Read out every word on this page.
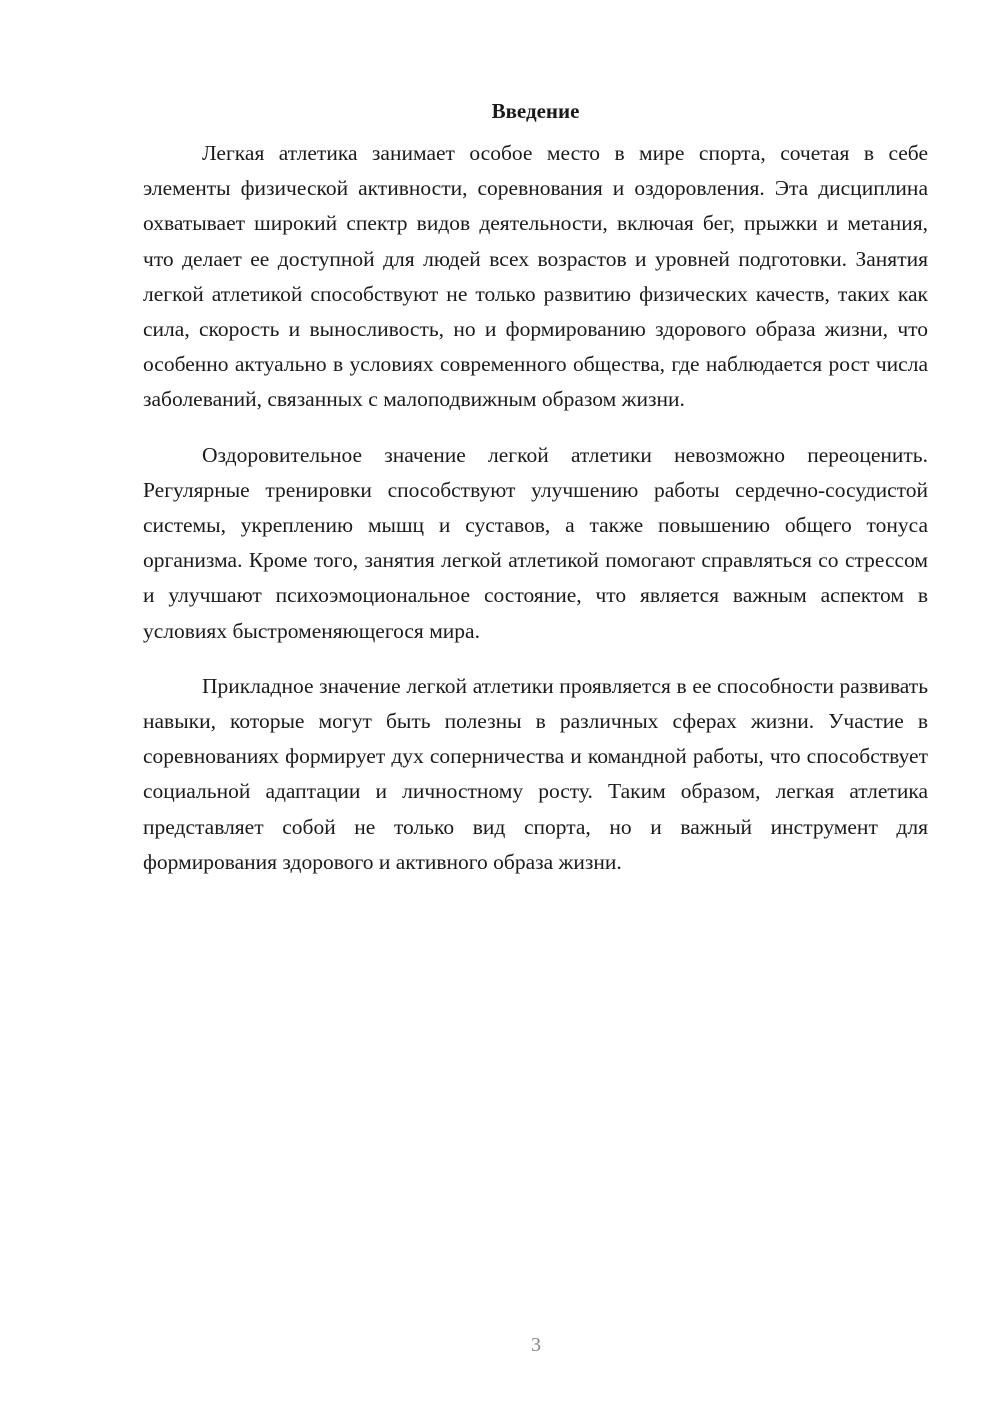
Введение

Легкая атлетика занимает особое место в мире спорта, сочетая в себе элементы физической активности, соревнования и оздоровления. Эта дисциплина охватывает широкий спектр видов деятельности, включая бег, прыжки и метания, что делает ее доступной для людей всех возрастов и уровней подготовки. Занятия легкой атлетикой способствуют не только развитию физических качеств, таких как сила, скорость и выносливость, но и формированию здорового образа жизни, что особенно актуально в условиях современного общества, где наблюдается рост числа заболеваний, связанных с малоподвижным образом жизни.

Оздоровительное значение легкой атлетики невозможно переоценить. Регулярные тренировки способствуют улучшению работы сердечно-сосудистой системы, укреплению мышц и суставов, а также повышению общего тонуса организма. Кроме того, занятия легкой атлетикой помогают справляться со стрессом и улучшают психоэмоциональное состояние, что является важным аспектом в условиях быстроменяющегося мира.

Прикладное значение легкой атлетики проявляется в ее способности развивать навыки, которые могут быть полезны в различных сферах жизни. Участие в соревнованиях формирует дух соперничества и командной работы, что способствует социальной адаптации и личностному росту. Таким образом, легкая атлетика представляет собой не только вид спорта, но и важный инструмент для формирования здорового и активного образа жизни.

3
